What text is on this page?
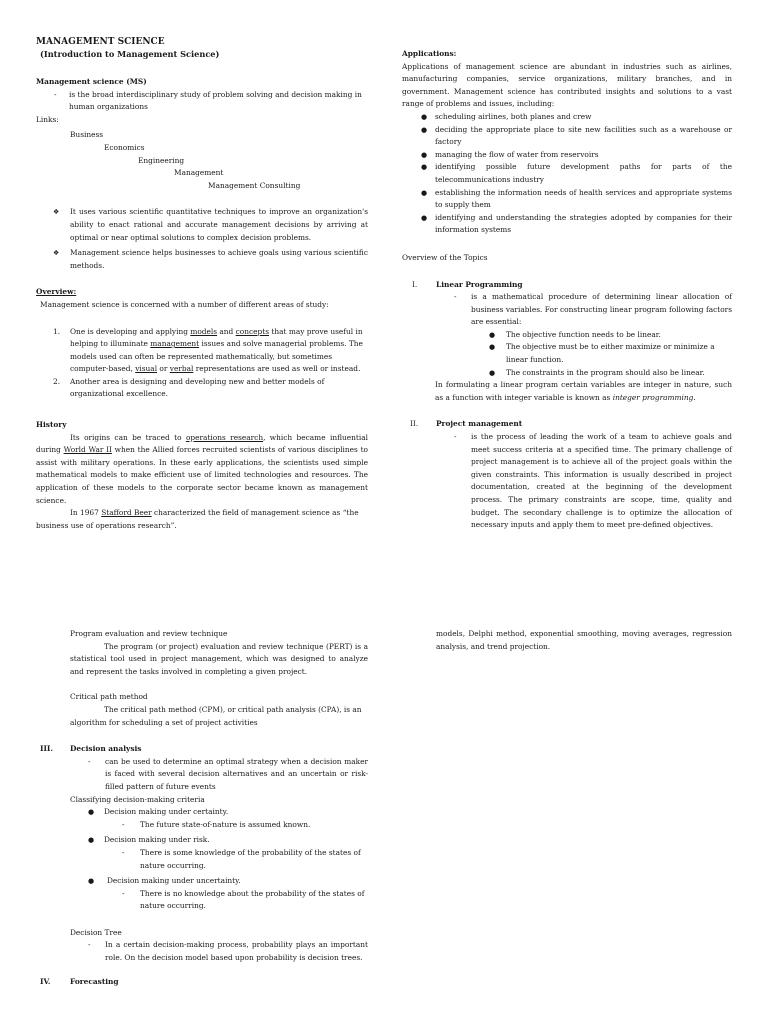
MANAGEMENT SCIENCE

(Introduction to Management Science)

Management science (MS)

- is the broad interdisciplinary study of problem solving and decision making in human organizations

Links:

Business

Economics

Engineering

Management

Management Consulting

❖ It uses various scientific quantitative techniques to improve an organization's ability to enact rational and accurate management decisions by arriving at optimal or near optimal solutions to complex decision problems.

❖ Management science helps businesses to achieve goals using various scientific methods.

Overview:

Management science is concerned with a number of different areas of study:

1. One is developing and applying models and concepts that may prove useful in helping to illuminate management issues and solve managerial problems. The models used can often be represented mathematically, but sometimes computer-based, visual or verbal representations are used as well or instead.

2. Another area is designing and developing new and better models of organizational excellence.

History

Its origins can be traced to operations research, which became influential during World War II when the Allied forces recruited scientists of various disciplines to assist with military operations. In these early applications, the scientists used simple mathematical models to make efficient use of limited technologies and resources. The application of these models to the corporate sector became known as management science.

In 1967 Stafford Beer characterized the field of management science as “the business use of operations research”.

Applications:

Applications of management science are abundant in industries such as airlines, manufacturing companies, service organizations, military branches, and in government. Management science has contributed insights and solutions to a vast range of problems and issues, including:

● scheduling airlines, both planes and crew

● deciding the appropriate place to site new facilities such as a warehouse or factory

● managing the flow of water from reservoirs

● identifying possible future development paths for parts of the telecommunications industry

● establishing the information needs of health services and appropriate systems to supply them

● identifying and understanding the strategies adopted by companies for their information systems

Overview of the Topics

I.	Linear Programming

- is a mathematical procedure of determining linear allocation of business variables. For constructing linear program following factors are essential:

● The objective function needs to be linear.

● The objective must be to either maximize or minimize a linear function.

● The constraints in the program should also be linear.

In formulating a linear program certain variables are integer in nature, such as a function with integer variable is known as integer programming.

II. Project management

- is the process of leading the work of a team to achieve goals and meet success criteria at a specified time. The primary challenge of project management is to achieve all of the project goals within the given constraints. This information is usually described in project documentation, created at the beginning of the development process. The primary constraints are scope, time, quality and budget. The secondary challenge is to optimize the allocation of necessary inputs and apply them to meet pre-defined objectives.

Program evaluation and review technique

The program (or project) evaluation and review technique (PERT) is a statistical tool used in project management, which was designed to analyze and represent the tasks involved in completing a given project.

Critical path method

The critical path method (CPM), or critical path analysis (CPA), is an algorithm for scheduling a set of project activities

III. Decision analysis

- can be used to determine an optimal strategy when a decision maker is faced with several decision alternatives and an uncertain or risk-filled pattern of future events

Classifying decision-making criteria

● Decision making under certainty.

- The future state-of-nature is assumed known.

● Decision making under risk.

- There is some knowledge of the probability of the states of nature occurring.

● Decision making under uncertainty.

- There is no knowledge about the probability of the states of nature occurring.

Decision Tree

- In a certain decision-making process, probability plays an important role. On the decision model based upon probability is decision trees.

IV.	Forecasting

models, Delphi method, exponential smoothing, moving averages, regression analysis, and trend projection.
